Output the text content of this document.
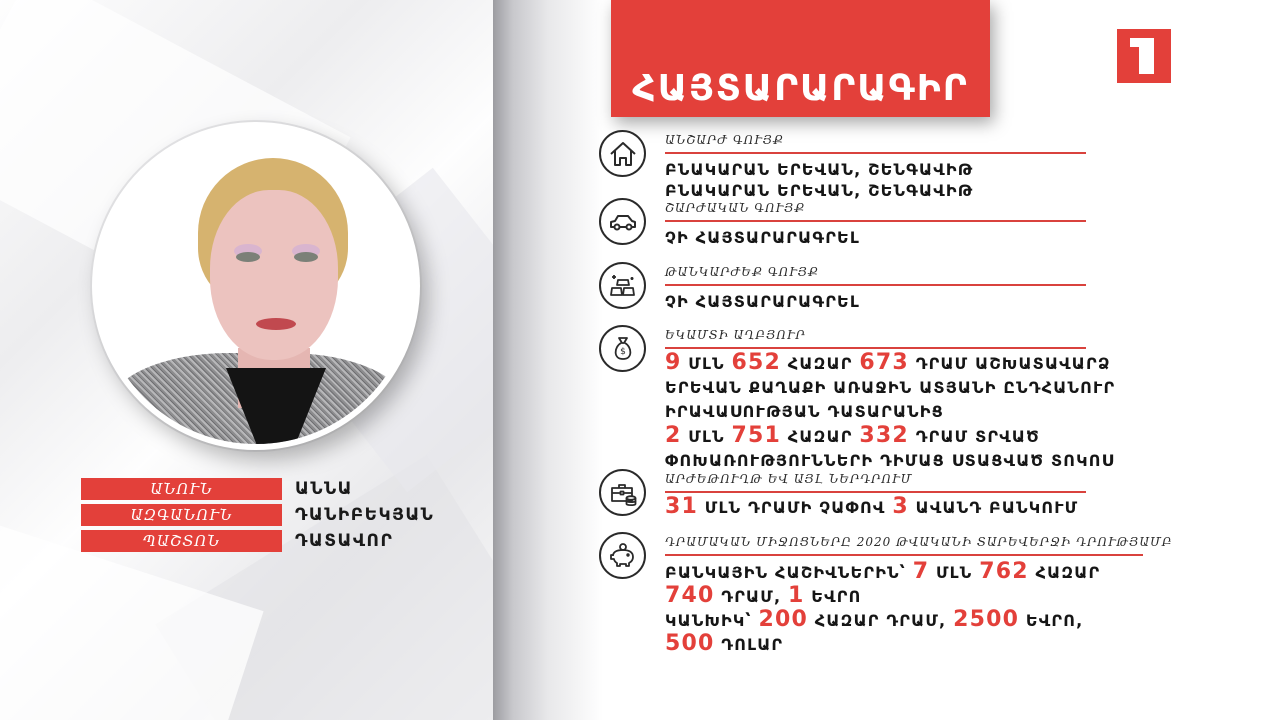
ԱՆՈՒՆ	ԱՆՆԱ
ԱԶԳԱՆՈՒՆ	ԴԱՆԻԲԵԿՅԱՆ
ՊԱՇՏՈՆ	ԴԱՏԱՎՈՐ
ՀԱՅՏԱՐԱՐԱԳԻՐ
ԱՆՇԱՐԺ ԳՈՒՅՔ
ԲՆԱԿԱՐԱՆ ԵՐԵՎԱՆ, ՇԵՆԳԱՎԻԹ
ԲՆԱԿԱՐԱՆ ԵՐԵՎԱՆ, ՇԵՆԳԱՎԻԹ
ՇԱՐԺԱԿԱՆ ԳՈՒՅՔ
ՉԻ ՀԱՅՏԱՐԱՐԱԳՐԵԼ
ԹԱՆԿԱՐԺԵՔ ԳՈՒՅՔ
ՉԻ ՀԱՅՏԱՐԱՐԱԳՐԵԼ
$
ԵԿԱՄՏԻ ԱՂԲՅՈՒՐ
9 ՄԼՆ 652 ՀԱԶԱՐ 673 ԴՐԱՄ ԱՇԽԱՏԱՎԱՐՁ
ԵՐԵՎԱՆ ՔԱՂԱՔԻ ԱՌԱՋԻՆ ԱՏՅԱՆԻ ԸՆԴՀԱՆՈՒՐ
ԻՐԱՎԱՍՈՒԹՅԱՆ ԴԱՏԱՐԱՆԻՑ
2 ՄԼՆ 751 ՀԱԶԱՐ 332 ԴՐԱՄ ՏՐՎԱԾ
ՓՈԽԱՌՈՒԹՅՈՒՆՆԵՐԻ ԴԻՄԱՑ ՍՏԱՑՎԱԾ ՏՈԿՈՍ
ԱՐԺԵԹՈՒՂԹ ԵՎ ԱՅԼ ՆԵՐԴՐՈՒՄ
31 ՄԼՆ ԴՐԱՄԻ ՉԱՓՈՎ 3 ԱՎԱՆԴ ԲԱՆԿՈՒՄ
ԴՐԱՄԱԿԱՆ ՄԻՋՈՑՆԵՐԸ 2020 ԹՎԱԿԱՆԻ ՏԱՐԵՎԵՐՋԻ ԴՐՈՒԹՅԱՄԲ
ԲԱՆԿԱՅԻՆ ՀԱՇԻՎՆԵՐԻՆ՝ 7 ՄԼՆ 762 ՀԱԶԱՐ
740 ԴՐԱՄ, 1 ԵՎՐՈ
ԿԱՆԽԻԿ՝ 200 ՀԱԶԱՐ ԴՐԱՄ, 2500 ԵՎՐՈ,
500 ԴՈԼԱՐ
